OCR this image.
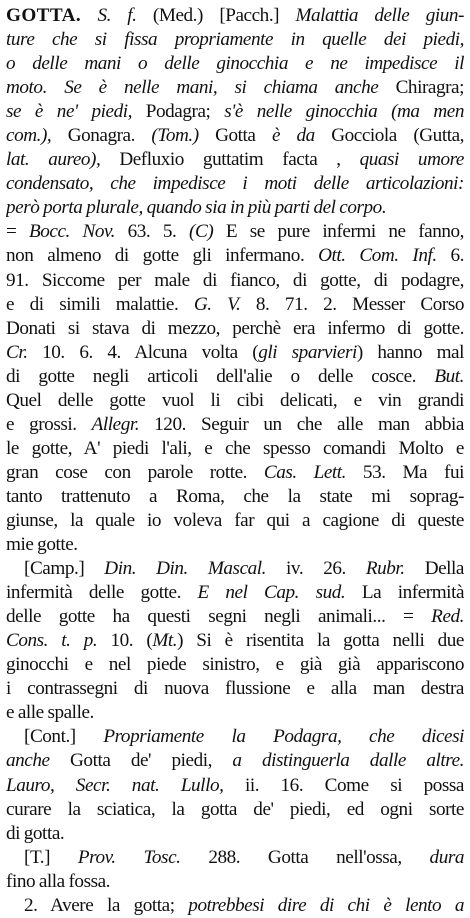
GOTTA. S. f. (Med.) [Pacch.] Malattia delle giun-
ture che si fissa propriamente in quelle dei piedi,
o delle mani o delle ginocchia e ne impedisce il
moto. Se è nelle mani, si chiama anche Chiragra;
se è ne' piedi, Podagra; s'è nelle ginocchia (ma men
com.), Gonagra. (Tom.) Gotta è da Gocciola (Gutta,
lat. aureo), Defluxio guttatim facta , quasi umore
condensato, che impedisce i moti delle articolazioni:
però porta plurale, quando sia in più parti del corpo.
= Bocc. Nov. 63. 5. (C) E se pure infermi ne fanno,
non almeno di gotte gli infermano. Ott. Com. Inf. 6.
91. Siccome per male di fianco, di gotte, di podagre,
e di simili malattie. G. V. 8. 71. 2. Messer Corso
Donati si stava di mezzo, perchè era infermo di gotte.
Cr. 10. 6. 4. Alcuna volta (gli sparvieri) hanno mal
di gotte negli articoli dell'alie o delle cosce. But.
Quel delle gotte vuol li cibi delicati, e vin grandi
e grossi. Allegr. 120. Seguir un che alle man abbia
le gotte, A' piedi l'ali, e che spesso comandi Molto e
gran cose con parole rotte. Cas. Lett. 53. Ma fui
tanto trattenuto a Roma, che la state mi soprag-
giunse, la quale io voleva far qui a cagione di queste
mie gotte.
[Camp.] Din. Din. Mascal. iv. 26. Rubr. Della
infermità delle gotte. E nel Cap. sud. La infermità
delle gotte ha questi segni negli animali... = Red.
Cons. t. p. 10. (Mt.) Si è risentita la gotta nelli due
ginocchi e nel piede sinistro, e già già appariscono
i contrassegni di nuova flussione e alla man destra
e alle spalle.
[Cont.] Propriamente la Podagra, che dicesi
anche Gotta de' piedi, a distinguerla dalle altre.
Lauro, Secr. nat. Lullo, ii. 16. Come si possa
curare la sciatica, la gotta de' piedi, ed ogni sorte
di gotta.
[T.] Prov. Tosc. 288. Gotta nell'ossa, dura
fino alla fossa.
2. Avere la gotta; potrebbesi dire di chi è lento a
